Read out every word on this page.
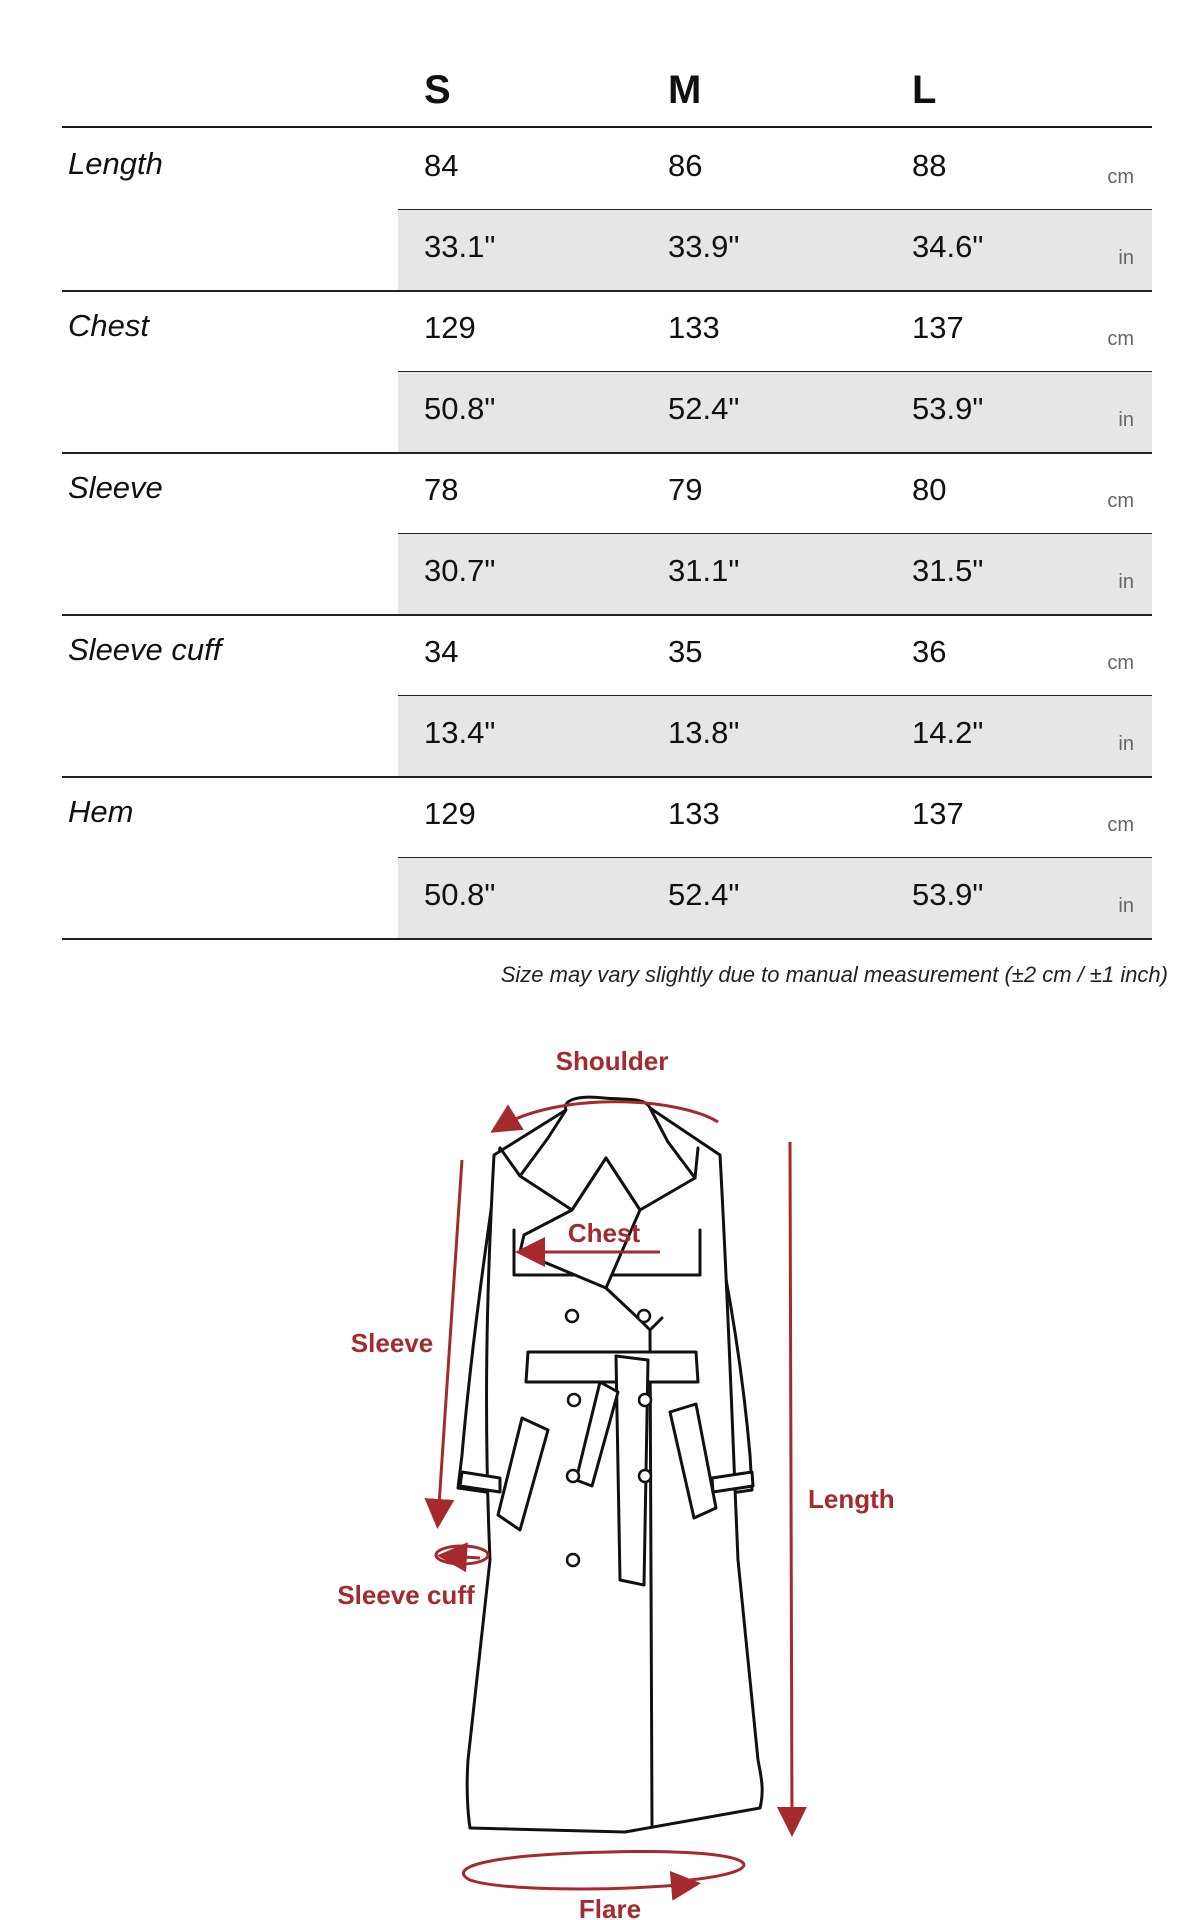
S	M	L
Length	84	86	88	cm
33.1"	33.9"	34.6"	in
Chest	129	133	137	cm
50.8"	52.4"	53.9"	in
Sleeve	78	79	80	cm
30.7"	31.1"	31.5"	in
Sleeve cuff	34	35	36	cm
13.4"	13.8"	14.2"	in
Hem	129	133	137	cm
50.8"	52.4"	53.9"	in
Size may vary slightly due to manual measurement (±2 cm / ±1 inch)
Shoulder
Chest
Sleeve
Sleeve cuff
Length
Flare
